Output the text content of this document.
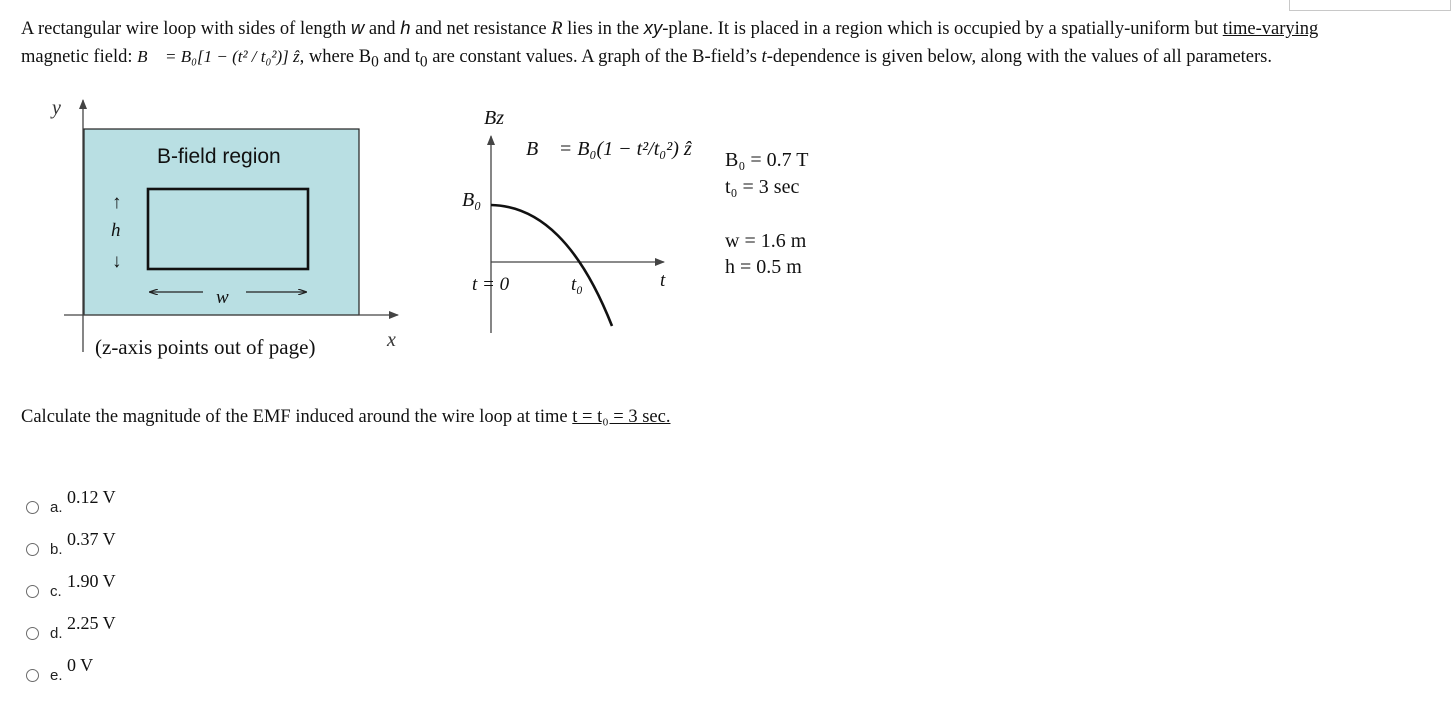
A rectangular wire loop with sides of length w and h and net resistance R lies in the xy-plane. It is placed in a region which is occupied by a spatially-uniform but time-varying
magnetic field: B⃗ = B₀[1 − (t² / t₀²)] ẑ, where $B_0$ and $t_0$ are constant values. A graph of the B-field’s t-dependence is given below, along with the values of all parameters.
y
x
B-field region
↑
h
↓
w
(z-axis points out of page)
Bz
B⃗ = B₀(1 − t²/t₀²) ẑ
B₀
t = 0	t₀	t
B₀ = 0.7 T
t₀ = 3 sec
w = 1.6 m
h = 0.5 m
Calculate the magnitude of the EMF induced around the wire loop at time t = t₀ = 3 sec.
a.
0.12 V
b.
0.37 V
c.
1.90 V
d.
2.25 V
e.
0 V
